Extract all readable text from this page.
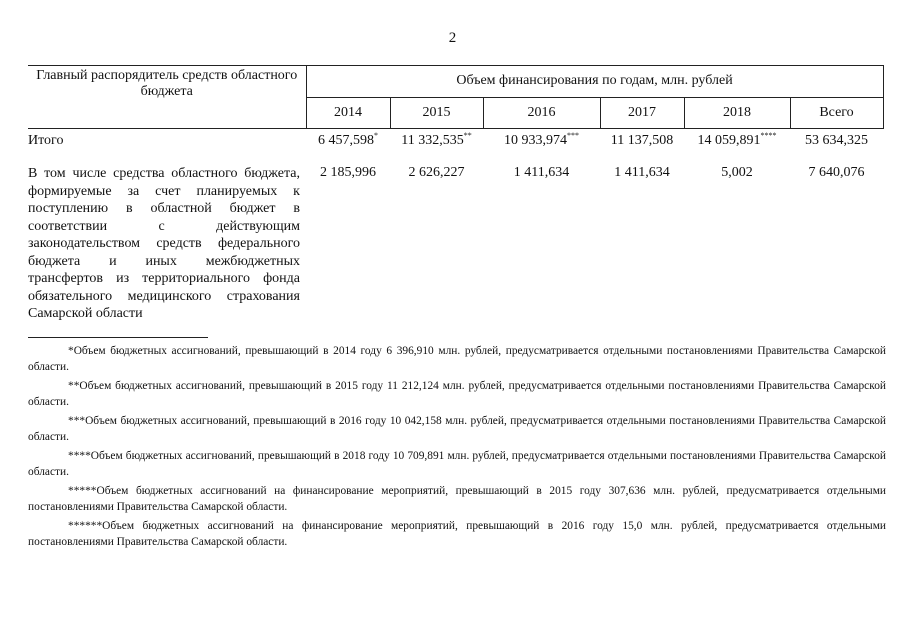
2
Главный распорядитель средств областного бюджета	Объем финансирования по годам, млн. рублей					
	2014	2015	2016	2017	2018	Всего
Итого	6 457,598*	11 332,535**	10 933,974***	11 137,508	14 059,891****	53 634,325

В том числе средства областного бюджета, формируемые за счет планируемых к поступлению в областной бюджет в соответствии с действующим законодательством средств федерального бюджета и иных межбюджетных трансфертов из территориального фонда обязательного медицинского страхования Самарской области	2 185,996	2 626,227	1 411,634	1 411,634	5,002	7 640,076

*Объем бюджетных ассигнований, превышающий в 2014 году 6 396,910 млн. рублей, предусматривается отдельными постановлениями Правительства Самарской области.

**Объем бюджетных ассигнований, превышающий в 2015 году 11 212,124 млн. рублей, предусматривается отдельными постановлениями Правительства Самарской области.

***Объем бюджетных ассигнований, превышающий в 2016 году 10 042,158 млн. рублей, предусматривается отдельными постановлениями Правительства Самарской области.

****Объем бюджетных ассигнований, превышающий в 2018 году 10 709,891 млн. рублей, предусматривается отдельными постановлениями Правительства Самарской области.

*****Объем бюджетных ассигнований на финансирование мероприятий, превышающий в 2015 году 307,636 млн. рублей, предусматривается отдельными постановлениями Правительства Самарской области.

******Объем бюджетных ассигнований на финансирование мероприятий, превышающий в 2016 году 15,0 млн. рублей, предусматривается отдельными постановлениями Правительства Самарской области.
